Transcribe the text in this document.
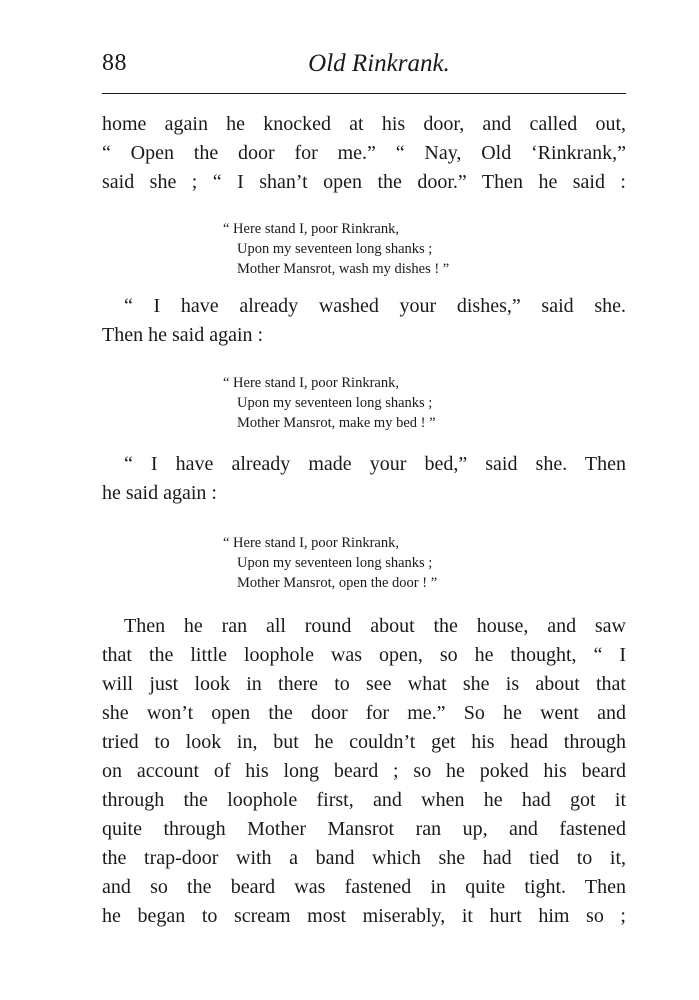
88	Old Rinkrank.
home again he knocked at his door, and called out,
“ Open the door for me.” “ Nay, Old ‘Rinkrank,”
said she ; “ I shan’t open the door.” Then he said :
“ Here stand I, poor Rinkrank,
Upon my seventeen long shanks ;
Mother Mansrot, wash my dishes ! ”
“ I have already washed your dishes,” said she.
Then he said again :
“ Here stand I, poor Rinkrank,
Upon my seventeen long shanks ;
Mother Mansrot, make my bed ! ”
“ I have already made your bed,” said she. Then
he said again :
“ Here stand I, poor Rinkrank,
Upon my seventeen long shanks ;
Mother Mansrot, open the door ! ”
Then he ran all round about the house, and saw
that the little loophole was open, so he thought, “ I
will just look in there to see what she is about that
she won’t open the door for me.” So he went and
tried to look in, but he couldn’t get his head through
on account of his long beard ; so he poked his beard
through the loophole first, and when he had got it
quite through Mother Mansrot ran up, and fastened
the trap-door with a band which she had tied to it,
and so the beard was fastened in quite tight. Then
he began to scream most miserably, it hurt him so ;
